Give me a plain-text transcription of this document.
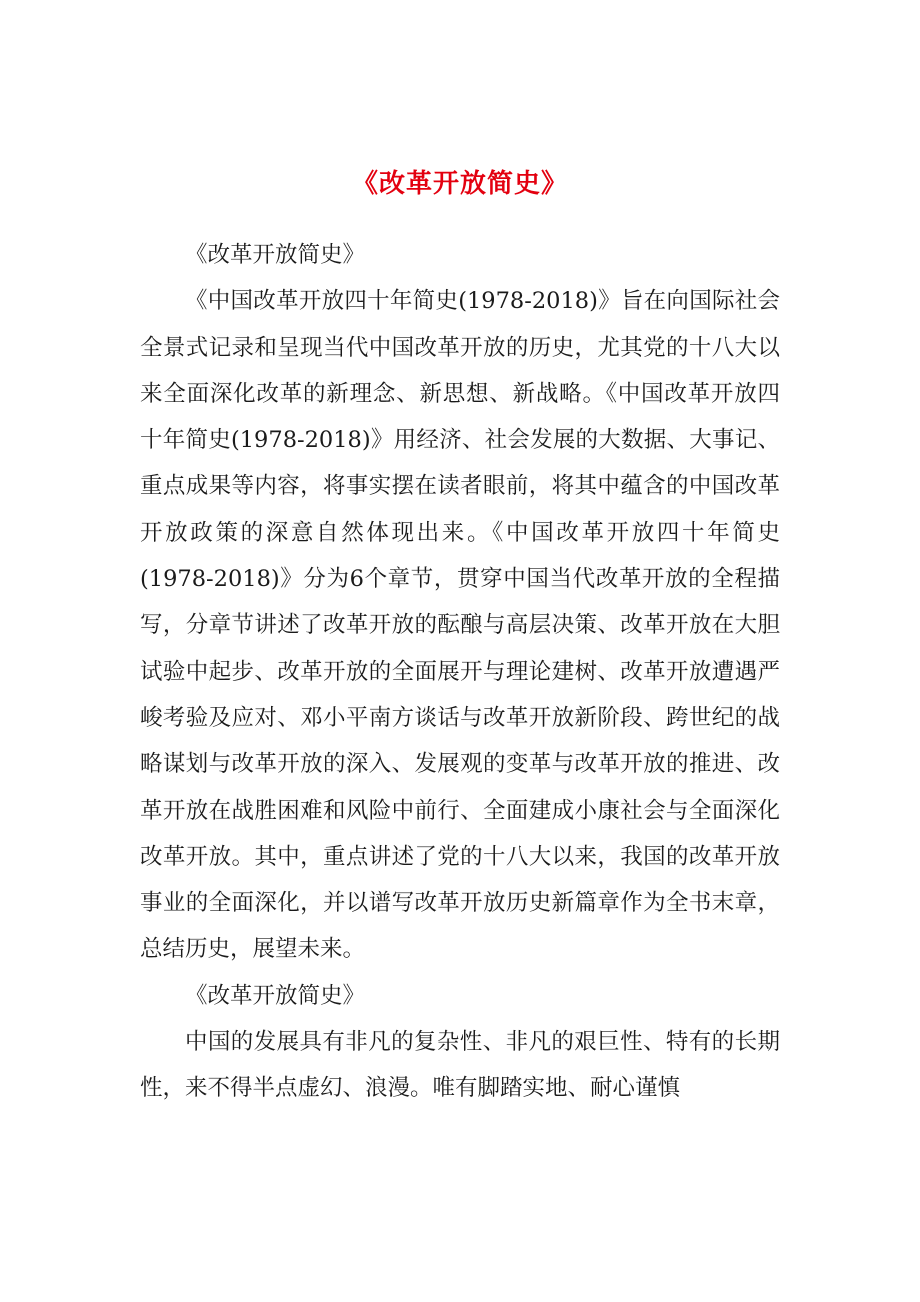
《改革开放简史》

《改革开放简史》

《中国改革开放四十年简史(1978-2018)》旨在向国际社会全景式记录和呈现当代中国改革开放的历史，尤其党的十八大以来全面深化改革的新理念、新思想、新战略。《中国改革开放四十年简史(1978-2018)》用经济、社会发展的大数据、大事记、重点成果等内容，将事实摆在读者眼前，将其中蕴含的中国改革开放政策的深意自然体现出来。《中国改革开放四十年简史(1978-2018)》分为6个章节，贯穿中国当代改革开放的全程描写，分章节讲述了改革开放的酝酿与高层决策、改革开放在大胆试验中起步、改革开放的全面展开与理论建树、改革开放遭遇严峻考验及应对、邓小平南方谈话与改革开放新阶段、跨世纪的战略谋划与改革开放的深入、发展观的变革与改革开放的推进、改革开放在战胜困难和风险中前行、全面建成小康社会与全面深化改革开放。其中，重点讲述了党的十八大以来，我国的改革开放事业的全面深化，并以谱写改革开放历史新篇章作为全书末章，总结历史，展望未来。

《改革开放简史》

中国的发展具有非凡的复杂性、非凡的艰巨性、特有的长期性，来不得半点虚幻、浪漫。唯有脚踏实地、耐心谨慎
